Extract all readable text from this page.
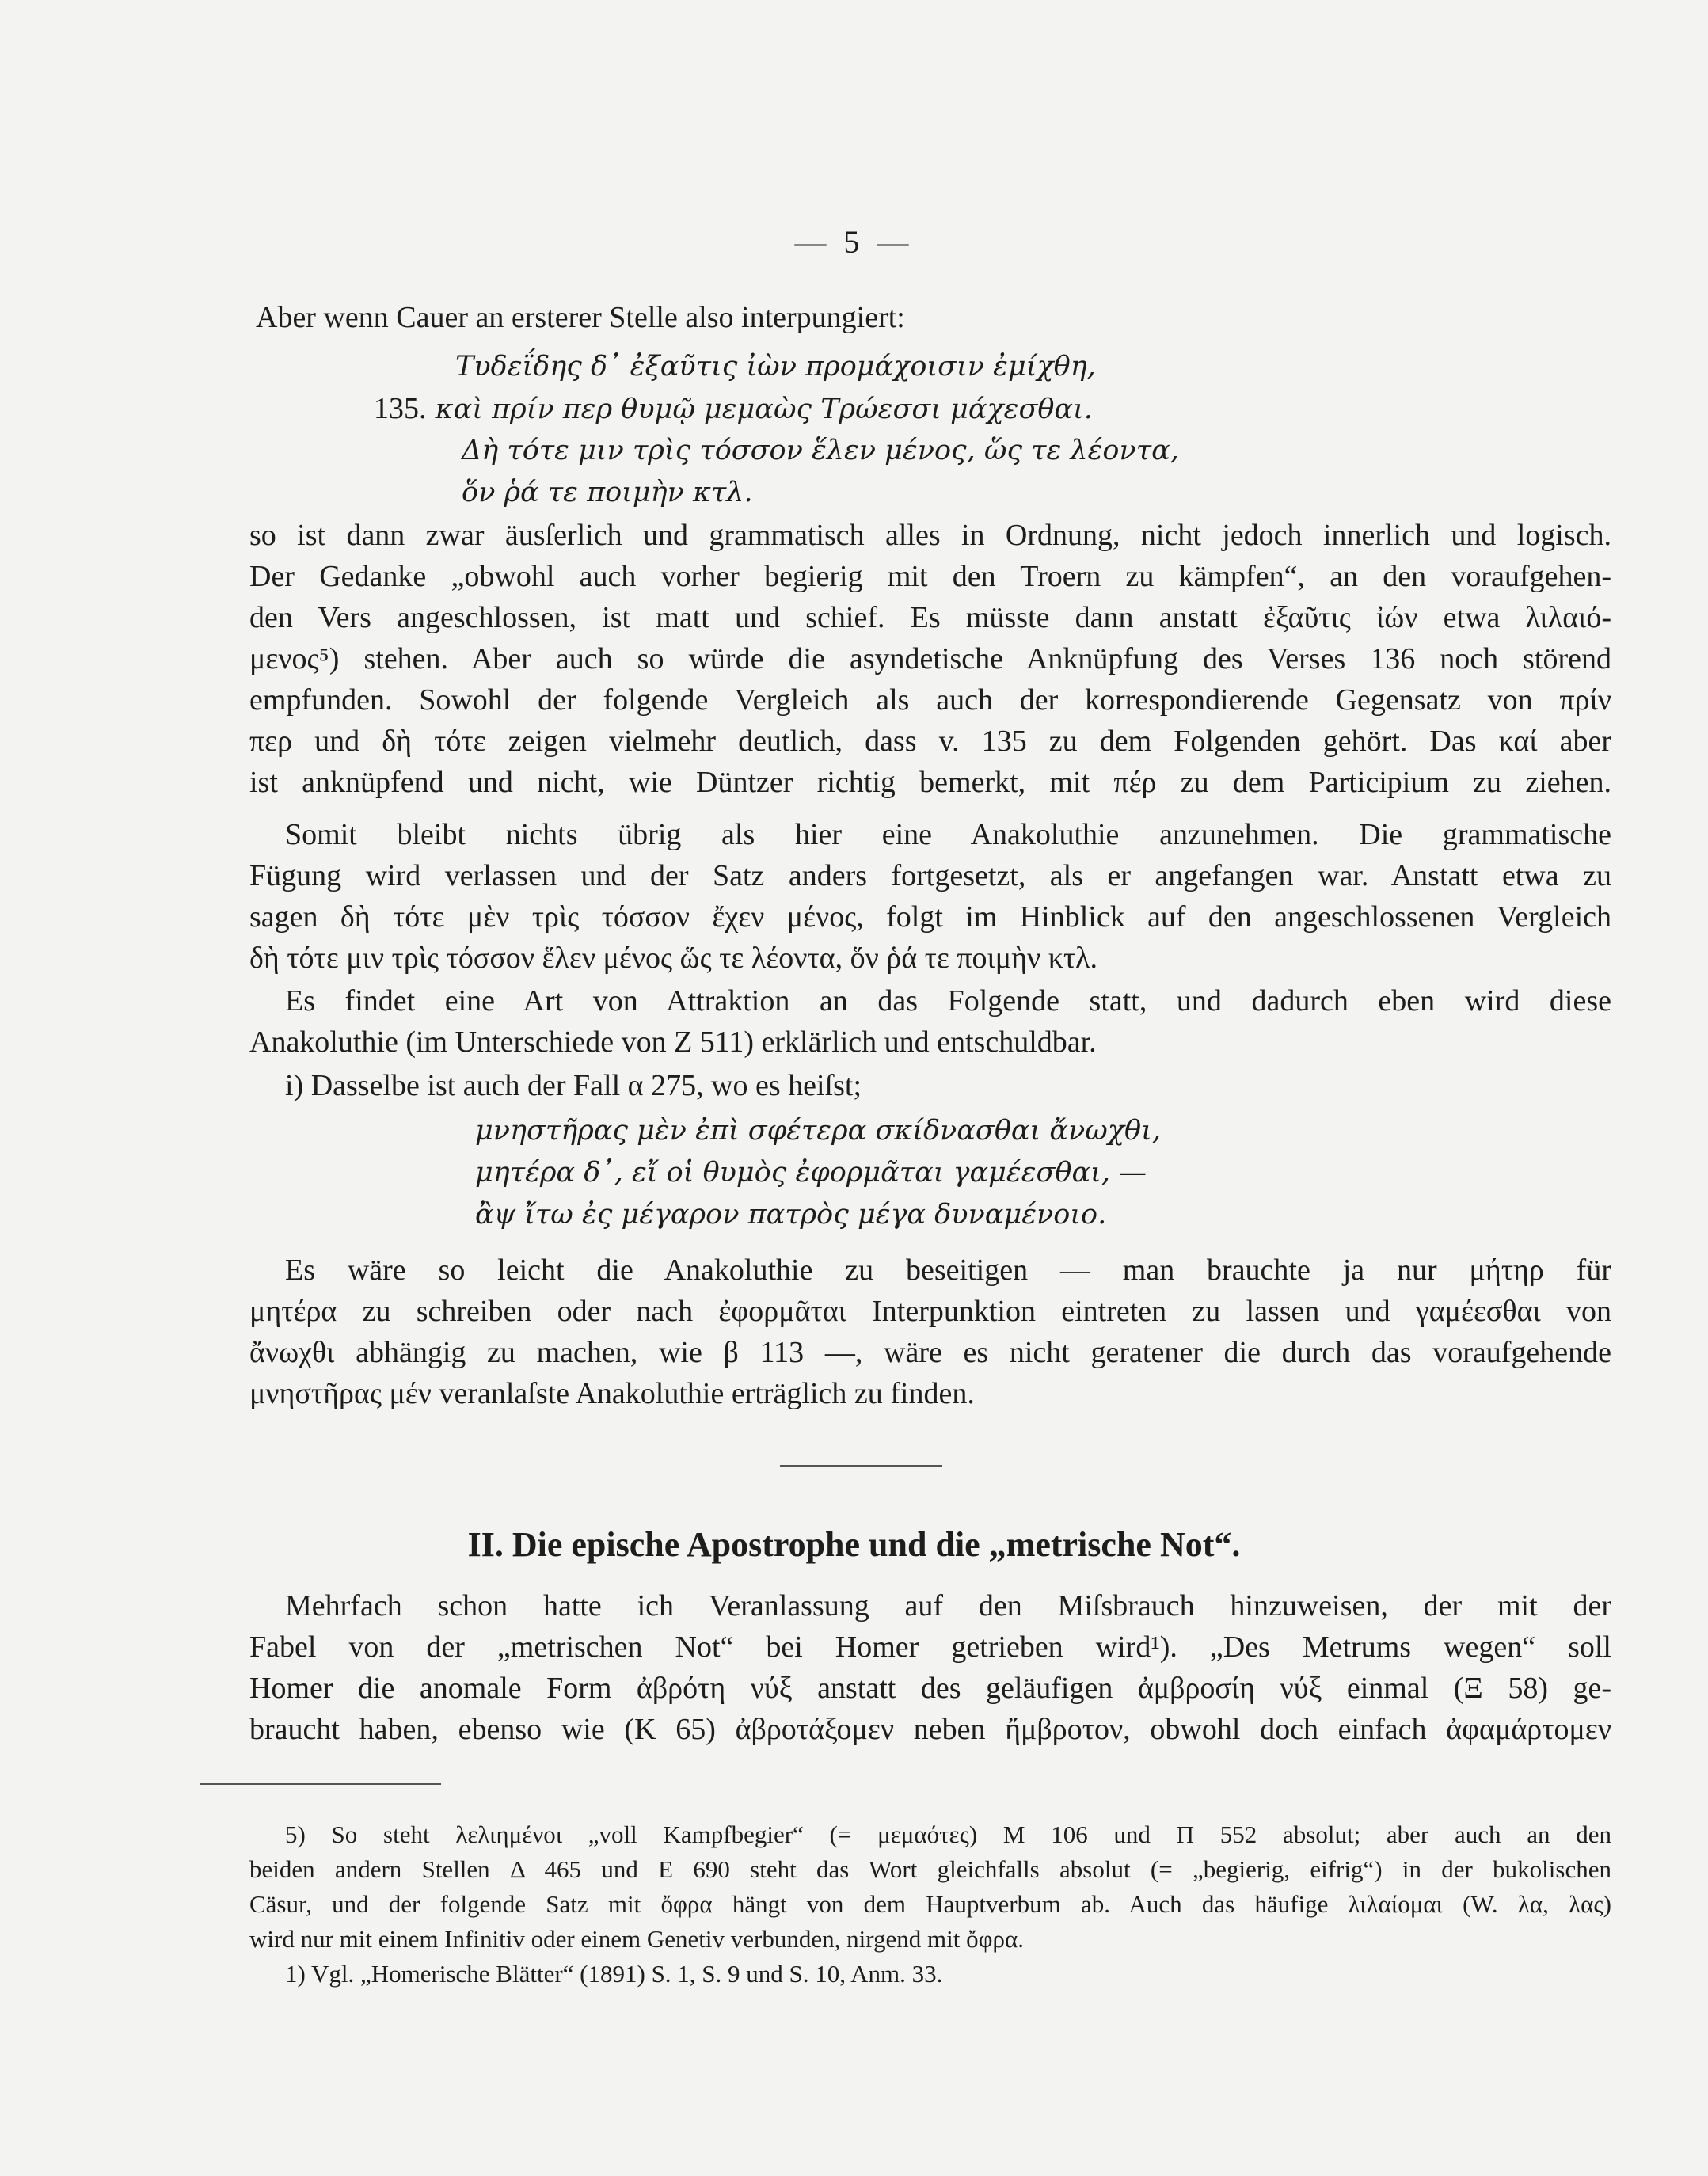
— 5 —
Aber wenn Cauer an ersterer Stelle also interpungiert:
Τυδεΐδης δ᾽ ἐξαῦτις ἰὼν προμάχοισιν ἐμίχθη,
135. καὶ πρίν περ θυμῷ μεμαὼς Τρώεσσι μάχεσθαι.
Δὴ τότε μιν τρὶς τόσσον ἕλεν μένος, ὥς τε λέοντα,
ὅν ῥά τε ποιμὴν κτλ.
so ist dann zwar äusſerlich und grammatisch alles in Ordnung, nicht jedoch innerlich und logisch.
Der Gedanke „obwohl auch vorher begierig mit den Troern zu kämpfen“, an den voraufgehen-
den Vers angeschlossen, ist matt und schief. Es müsste dann anstatt ἐξαῦτις ἰών etwa λιλαιό-
μενος⁵) stehen. Aber auch so würde die asyndetische Anknüpfung des Verses 136 noch störend
empfunden. Sowohl der folgende Vergleich als auch der korrespondierende Gegensatz von πρίν
περ und δὴ τότε zeigen vielmehr deutlich, dass v. 135 zu dem Folgenden gehört. Das καί aber
ist anknüpfend und nicht, wie Düntzer richtig bemerkt, mit πέρ zu dem Participium zu ziehen.
Somit bleibt nichts übrig als hier eine Anakoluthie anzunehmen. Die grammatische
Fügung wird verlassen und der Satz anders fortgesetzt, als er angefangen war. Anstatt etwa zu
sagen δὴ τότε μὲν τρὶς τόσσον ἔχεν μένος, folgt im Hinblick auf den angeschlossenen Vergleich
δὴ τότε μιν τρὶς τόσσον ἕλεν μένος ὥς τε λέοντα, ὅν ῥά τε ποιμὴν κτλ.
Es findet eine Art von Attraktion an das Folgende statt, und dadurch eben wird diese
Anakoluthie (im Unterschiede von Z 511) erklärlich und entschuldbar.
i) Dasselbe ist auch der Fall α 275, wo es heiſst;
μνηστῆρας μὲν ἐπὶ σφέτερα σκίδνασθαι ἄνωχθι,
μητέρα δ᾽, εἴ οἱ θυμὸς ἐφορμᾶται γαμέεσθαι, —
ἂψ ἴτω ἐς μέγαρον πατρὸς μέγα δυναμένοιο.
Es wäre so leicht die Anakoluthie zu beseitigen — man brauchte ja nur μήτηρ für
μητέρα zu schreiben oder nach ἐφορμᾶται Interpunktion eintreten zu lassen und γαμέεσθαι von
ἄνωχθι abhängig zu machen, wie β 113 —, wäre es nicht geratener die durch das voraufgehende
μνηστῆρας μέν veranlaſste Anakoluthie erträglich zu finden.
II. Die epische Apostrophe und die „metrische Not“.
Mehrfach schon hatte ich Veranlassung auf den Miſsbrauch hinzuweisen, der mit der
Fabel von der „metrischen Not“ bei Homer getrieben wird¹). „Des Metrums wegen“ soll
Homer die anomale Form ἀβρότη νύξ anstatt des geläufigen ἀμβροσίη νύξ einmal (Ξ 58) ge-
braucht haben, ebenso wie (K 65) ἀβροτάξομεν neben ἤμβροτον, obwohl doch einfach ἀφαμάρτομεν
5) So steht λελιημένοι „voll Kampfbegier“ (= μεμαότες) M 106 und Π 552 absolut; aber auch an den
beiden andern Stellen Δ 465 und E 690 steht das Wort gleichfalls absolut (= „begierig, eifrig“) in der bukolischen
Cäsur, und der folgende Satz mit ὄφρα hängt von dem Hauptverbum ab. Auch das häufige λιλαίομαι (W. λα, λας)
wird nur mit einem Infinitiv oder einem Genetiv verbunden, nirgend mit ὄφρα.
1) Vgl. „Homerische Blätter“ (1891) S. 1, S. 9 und S. 10, Anm. 33.
